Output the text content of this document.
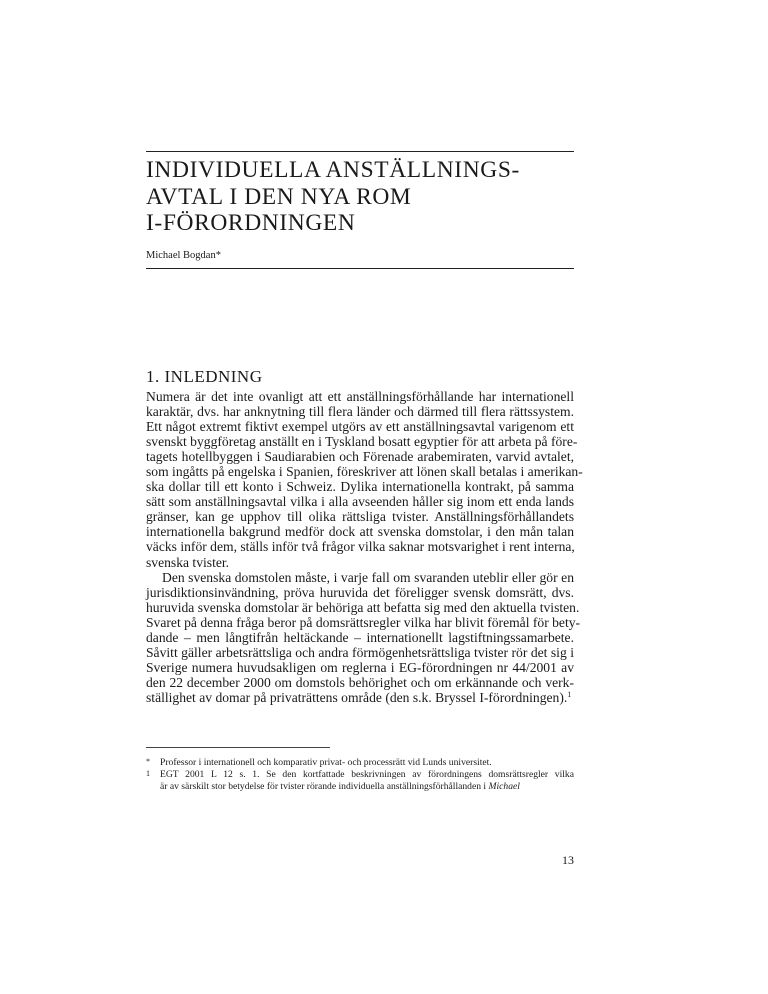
INDIVIDUELLA ANSTÄLLNINGS-
AVTAL I DEN NYA ROM
I-FÖRORDNINGEN

Michael Bogdan*

1. INLEDNING
Numera är det inte ovanligt att ett anställningsförhållande har internationell
karaktär, dvs. har anknytning till flera länder och därmed till flera rättssystem.
Ett något extremt fiktivt exempel utgörs av ett anställningsavtal varigenom ett
svenskt byggföretag anställt en i Tyskland bosatt egyptier för att arbeta på före-
tagets hotellbyggen i Saudiarabien och Förenade arabemiraten, varvid avtalet,
som ingåtts på engelska i Spanien, föreskriver att lönen skall betalas i amerikan-
ska dollar till ett konto i Schweiz. Dylika internationella kontrakt, på samma
sätt som anställningsavtal vilka i alla avseenden håller sig inom ett enda lands
gränser, kan ge upphov till olika rättsliga tvister. Anställningsförhållandets
internationella bakgrund medför dock att svenska domstolar, i den mån talan
väcks inför dem, ställs inför två frågor vilka saknar motsvarighet i rent interna,
svenska tvister.
Den svenska domstolen måste, i varje fall om svaranden uteblir eller gör en
jurisdiktionsinvändning, pröva huruvida det föreligger svensk domsrätt, dvs.
huruvida svenska domstolar är behöriga att befatta sig med den aktuella tvisten.
Svaret på denna fråga beror på domsrättsregler vilka har blivit föremål för bety-
dande – men långtifrån heltäckande – internationellt lagstiftningssamarbete.
Såvitt gäller arbetsrättsliga och andra förmögenhetsrättsliga tvister rör det sig i
Sverige numera huvudsakligen om reglerna i EG-förordningen nr 44/2001 av
den 22 december 2000 om domstols behörighet och om erkännande och verk-
ställighet av domar på privaträttens område (den s.k. Bryssel I-förordningen).$^1$
* Professor i internationell och komparativ privat- och processrätt vid Lunds universitet.
1 EGT 2001 L 12 s. 1. Se den kortfattade beskrivningen av förordningens domsrättsregler vilka
är av särskilt stor betydelse för tvister rörande individuella anställningsförhållanden i Michael
13
